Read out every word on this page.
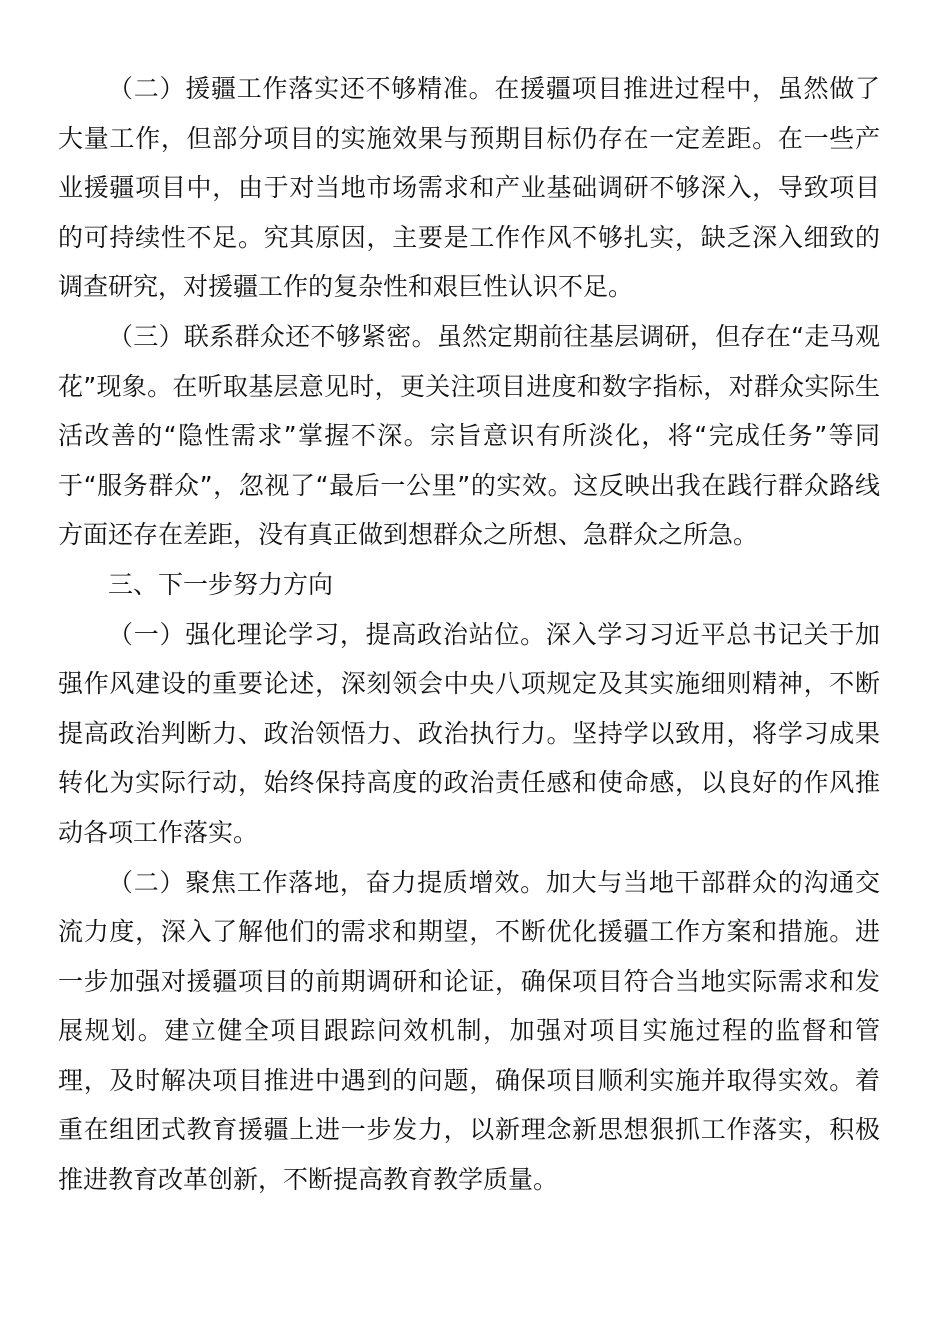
（二）援疆工作落实还不够精准。在援疆项目推进过程中，虽然做了大量工作，但部分项目的实施效果与预期目标仍存在一定差距。在一些产业援疆项目中，由于对当地市场需求和产业基础调研不够深入，导致项目的可持续性不足。究其原因，主要是工作作风不够扎实，缺乏深入细致的调查研究，对援疆工作的复杂性和艰巨性认识不足。

（三）联系群众还不够紧密。虽然定期前往基层调研，但存在“走马观花”现象。在听取基层意见时，更关注项目进度和数字指标，对群众实际生活改善的“隐性需求”掌握不深。宗旨意识有所淡化，将“完成任务”等同于“服务群众”，忽视了“最后一公里”的实效。这反映出我在践行群众路线方面还存在差距，没有真正做到想群众之所想、急群众之所急。

三、下一步努力方向

（一）强化理论学习，提高政治站位。深入学习习近平总书记关于加强作风建设的重要论述，深刻领会中央八项规定及其实施细则精神，不断提高政治判断力、政治领悟力、政治执行力。坚持学以致用，将学习成果转化为实际行动，始终保持高度的政治责任感和使命感，以良好的作风推动各项工作落实。

（二）聚焦工作落地，奋力提质增效。加大与当地干部群众的沟通交流力度，深入了解他们的需求和期望，不断优化援疆工作方案和措施。进一步加强对援疆项目的前期调研和论证，确保项目符合当地实际需求和发展规划。建立健全项目跟踪问效机制，加强对项目实施过程的监督和管理，及时解决项目推进中遇到的问题，确保项目顺利实施并取得实效。着重在组团式教育援疆上进一步发力，以新理念新思想狠抓工作落实，积极推进教育改革创新，不断提高教育教学质量。
